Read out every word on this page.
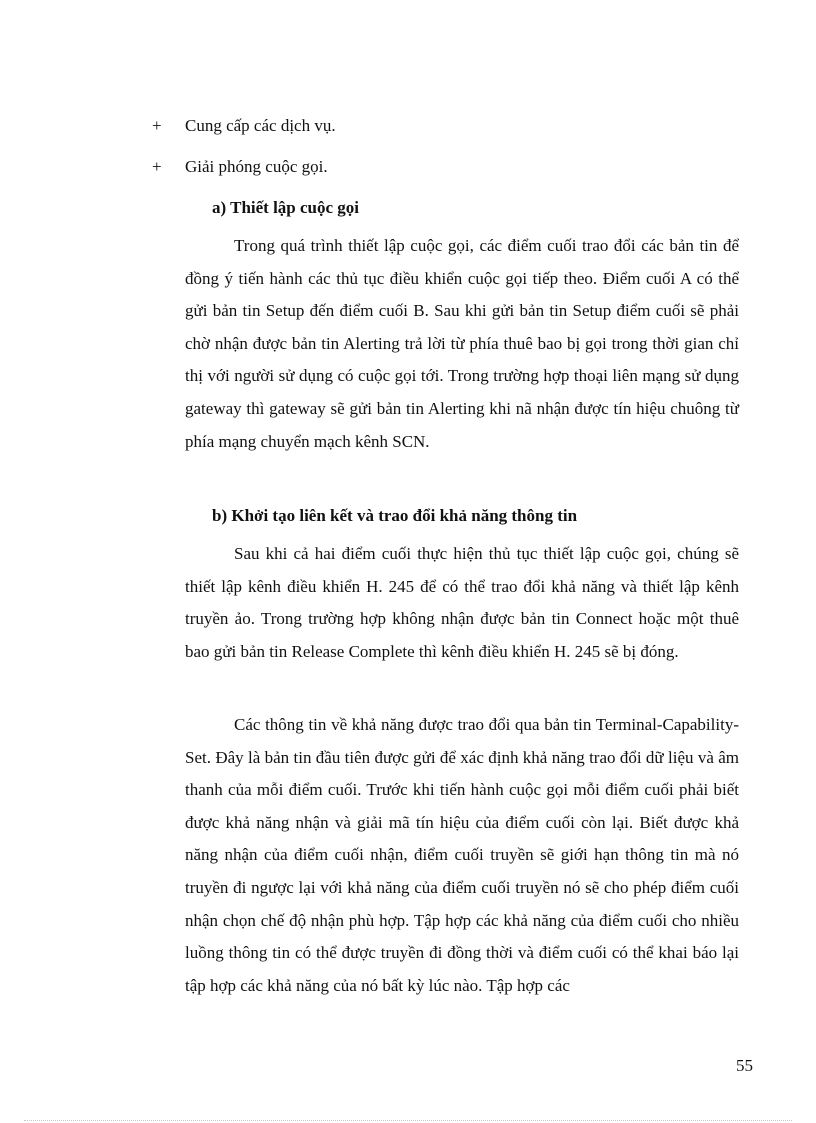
+	Cung cấp các dịch vụ.
+	Giải phóng cuộc gọi.
a) Thiết lập cuộc gọi

Trong quá trình thiết lập cuộc gọi, các điểm cuối trao đổi các bản tin để đồng ý tiến hành các thủ tục điều khiển cuộc gọi tiếp theo. Điểm cuối A có thể gửi bản tin Setup đến điểm cuối B. Sau khi gửi bản tin Setup điểm cuối sẽ phải chờ nhận được bản tin Alerting trả lời từ phía thuê bao bị gọi trong thời gian chỉ thị với người sử dụng có cuộc gọi tới. Trong trường hợp thoại liên mạng sử dụng gateway thì gateway sẽ gửi bản tin Alerting khi nã nhận được tín hiệu chuông từ phía mạng chuyển mạch kênh SCN.

b) Khởi tạo liên kết và trao đổi khả năng thông tin

Sau khi cả hai điểm cuối thực hiện thủ tục thiết lập cuộc gọi, chúng sẽ thiết lập kênh điều khiển H. 245 để có thể trao đổi khả năng và thiết lập kênh truyền ảo. Trong trường hợp không nhận được bản tin Connect hoặc một thuê bao gửi bản tin Release Complete thì kênh điều khiển H. 245 sẽ bị đóng.

Các thông tin về khả năng được trao đổi qua bản tin Terminal-Capability-Set. Đây là bản tin đầu tiên được gửi để xác định khả năng trao đổi dữ liệu và âm thanh của mỗi điểm cuối. Trước khi tiến hành cuộc gọi mỗi điểm cuối phải biết được khả năng nhận và giải mã tín hiệu của điểm cuối còn lại. Biết được khả năng nhận của điểm cuối nhận, điểm cuối truyền sẽ giới hạn thông tin mà nó truyền đi ngược lại với khả năng của điểm cuối truyền nó sẽ cho phép điểm cuối nhận chọn chế độ nhận phù hợp. Tập hợp các khả năng của điểm cuối cho nhiều luồng thông tin có thể được truyền đi đồng thời và điểm cuối có thể khai báo lại tập hợp các khả năng của nó bất kỳ lúc nào. Tập hợp các

55
